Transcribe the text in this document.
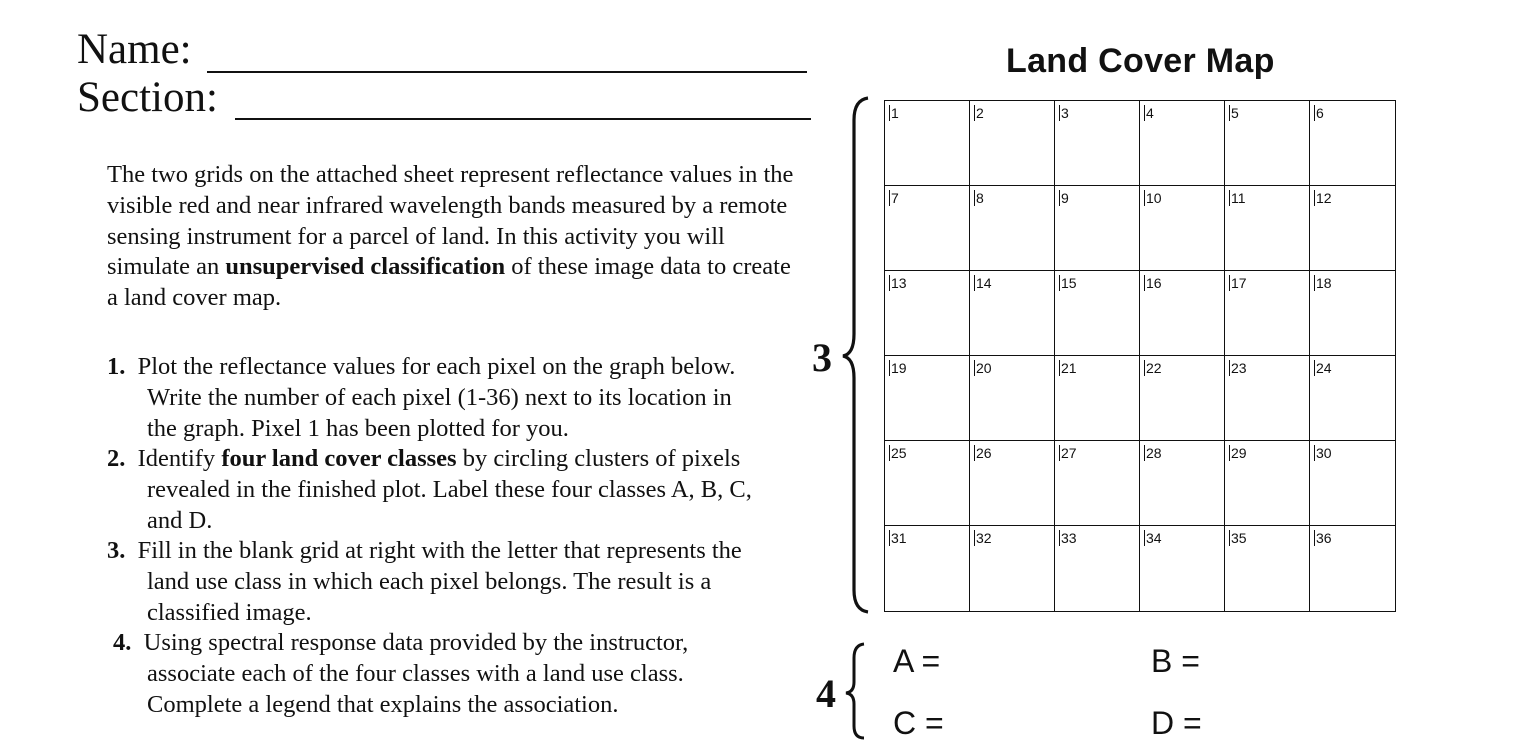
Name:
Section:
The two grids on the attached sheet represent reflectance values in the visible red and near infrared wavelength bands measured by a remote sensing instrument for a parcel of land. In this activity you will simulate an unsupervised classification of these image data to create a land cover map.
1. Plot the reflectance values for each pixel on the graph below.
Write the number of each pixel (1-36) next to its location in
the graph. Pixel 1 has been plotted for you.
2. Identify four land cover classes by circling clusters of pixels
revealed in the finished plot. Label these four classes A, B, C,
and D.
3. Fill in the blank grid at right with the letter that represents the
land use class in which each pixel belongs. The result is a
classified image.
4. Using spectral response data provided by the instructor,
associate each of the four classes with a land use class.
Complete a legend that explains the association.
Land Cover Map
3
1	2	3	4	5	6
7	8	9	10	11	12
13	14	15	16	17	18
19	20	21	22	23	24
25	26	27	28	29	30
31	32	33	34	35	36
4
A =	B =
C =	D =
